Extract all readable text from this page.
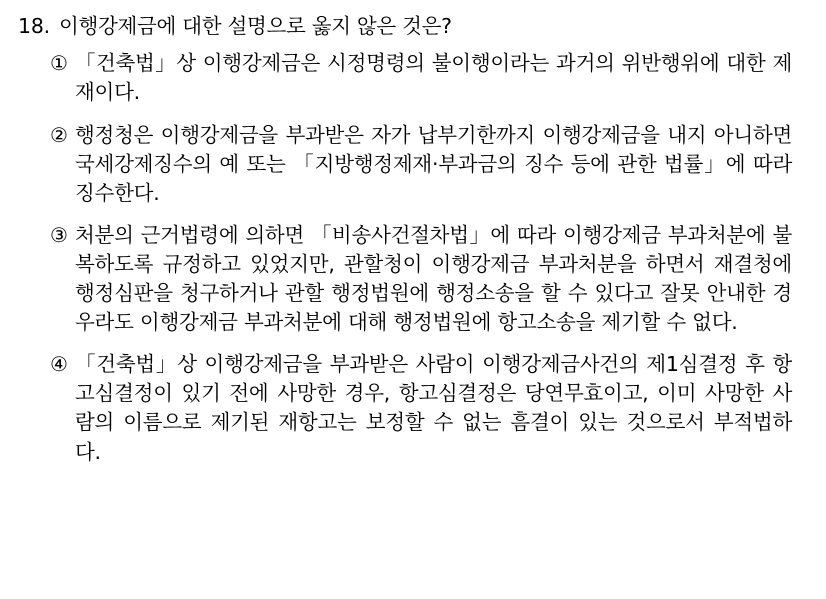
18. 이행강제금에 대한 설명으로 옳지 않은 것은?
① 「건축법」상 이행강제금은 시정명령의 불이행이라는 과거의 위반행위에 대한 제재이다.
② 행정청은 이행강제금을 부과받은 자가 납부기한까지 이행강제금을 내지 아니하면 국세강제징수의 예 또는 「지방행정제재·부과금의 징수 등에 관한 법률」에 따라 징수한다.
③ 처분의 근거법령에 의하면 「비송사건절차법」에 따라 이행강제금 부과처분에 불복하도록 규정하고 있었지만, 관할청이 이행강제금 부과처분을 하면서 재결청에 행정심판을 청구하거나 관할 행정법원에 행정소송을 할 수 있다고 잘못 안내한 경우라도 이행강제금 부과처분에 대해 행정법원에 항고소송을 제기할 수 없다.
④ 「건축법」상 이행강제금을 부과받은 사람이 이행강제금사건의 제1심결정 후 항고심결정이 있기 전에 사망한 경우, 항고심결정은 당연무효이고, 이미 사망한 사람의 이름으로 제기된 재항고는 보정할 수 없는 흠결이 있는 것으로서 부적법하다.
